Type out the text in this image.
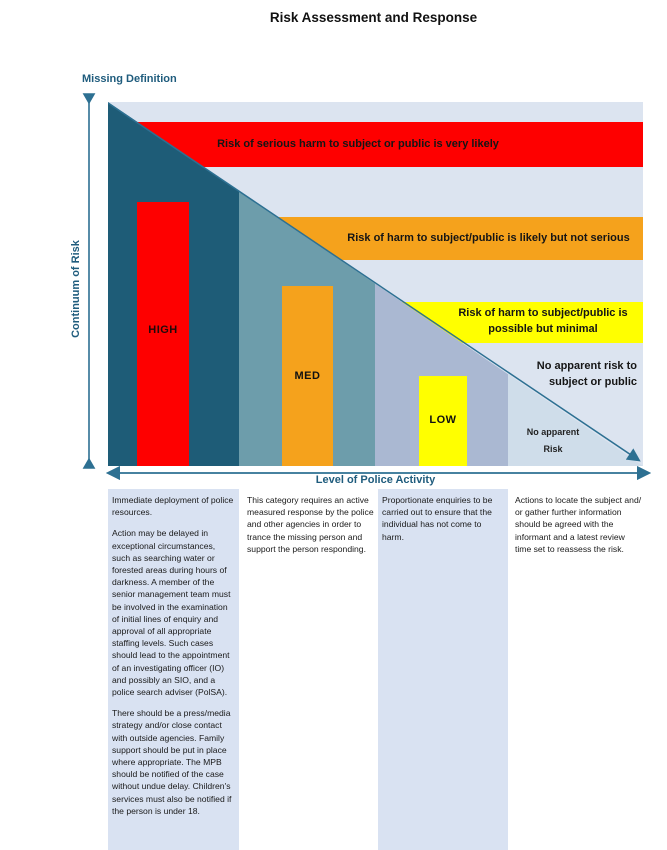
Risk Assessment and Response
Missing Definition
Continuum of Risk
Risk of serious harm to subject or public is very likely
Risk of harm to subject/public is likely but not serious
Risk of harm to subject/public is
possible but minimal
No apparent risk to
subject or public
No apparent
Risk
HIGH
MED
LOW
Level of Police Activity

Immediate deployment of police resources.

Action may be delayed in exceptional circumstances, such as searching water or forested areas during hours of darkness. A member of the senior management team must be involved in the examination of initial lines of enquiry and approval of all appropriate staffing levels. Such cases should lead to the appointment of an investigating officer (IO) and possibly an SIO, and a police search adviser (PolSA).

There should be a press/media strategy and/or close contact with outside agencies. Family support should be put in place where appropriate. The MPB should be notified of the case without undue delay. Children's services must also be notified if the person is under 18.

This category requires an active measured response by the police and other agencies in order to trance the missing person and support the person responding.

Proportionate enquiries to be carried out to ensure that the individual has not come to harm.

Actions to locate the subject and/ or gather further information should be agreed with the informant and a latest review time set to reassess the risk.
